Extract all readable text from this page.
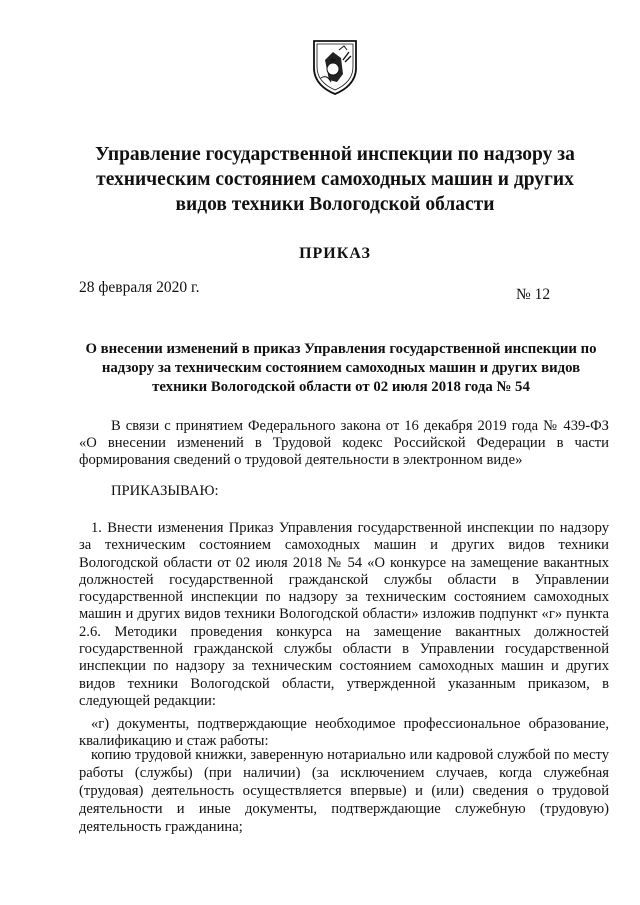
Управление государственной инспекции по надзору за техническим состоянием самоходных машин и других видов техники Вологодской области
ПРИКАЗ
28 февраля 2020 г.	№ 12
О внесении изменений в приказ Управления государственной инспекции по надзору за техническим состоянием самоходных машин и других видов техники Вологодской области от 02 июля 2018 года № 54
В связи с принятием Федерального закона от 16 декабря 2019 года № 439-ФЗ «О внесении изменений в Трудовой кодекс Российской Федерации в части формирования сведений о трудовой деятельности в электронном виде»
ПРИКАЗЫВАЮ:
1. Внести изменения Приказ Управления государственной инспекции по надзору за техническим состоянием самоходных машин и других видов техники Вологодской области от 02 июля 2018 № 54 «О конкурсе на замещение вакантных должностей государственной гражданской службы области в Управлении государственной инспекции по надзору за техническим состоянием самоходных машин и других видов техники Вологодской области» изложив подпункт «г» пункта 2.6. Методики проведения конкурса на замещение вакантных должностей государственной гражданской службы области в Управлении государственной инспекции по надзору за техническим состоянием самоходных машин и других видов техники Вологодской области, утвержденной указанным приказом, в следующей редакции:
«г) документы, подтверждающие необходимое профессиональное образование, квалификацию и стаж работы:
копию трудовой книжки, заверенную нотариально или кадровой службой по месту работы (службы) (при наличии) (за исключением случаев, когда служебная (трудовая) деятельность осуществляется впервые) и (или) сведения о трудовой деятельности и иные документы, подтверждающие служебную (трудовую) деятельность гражданина;
